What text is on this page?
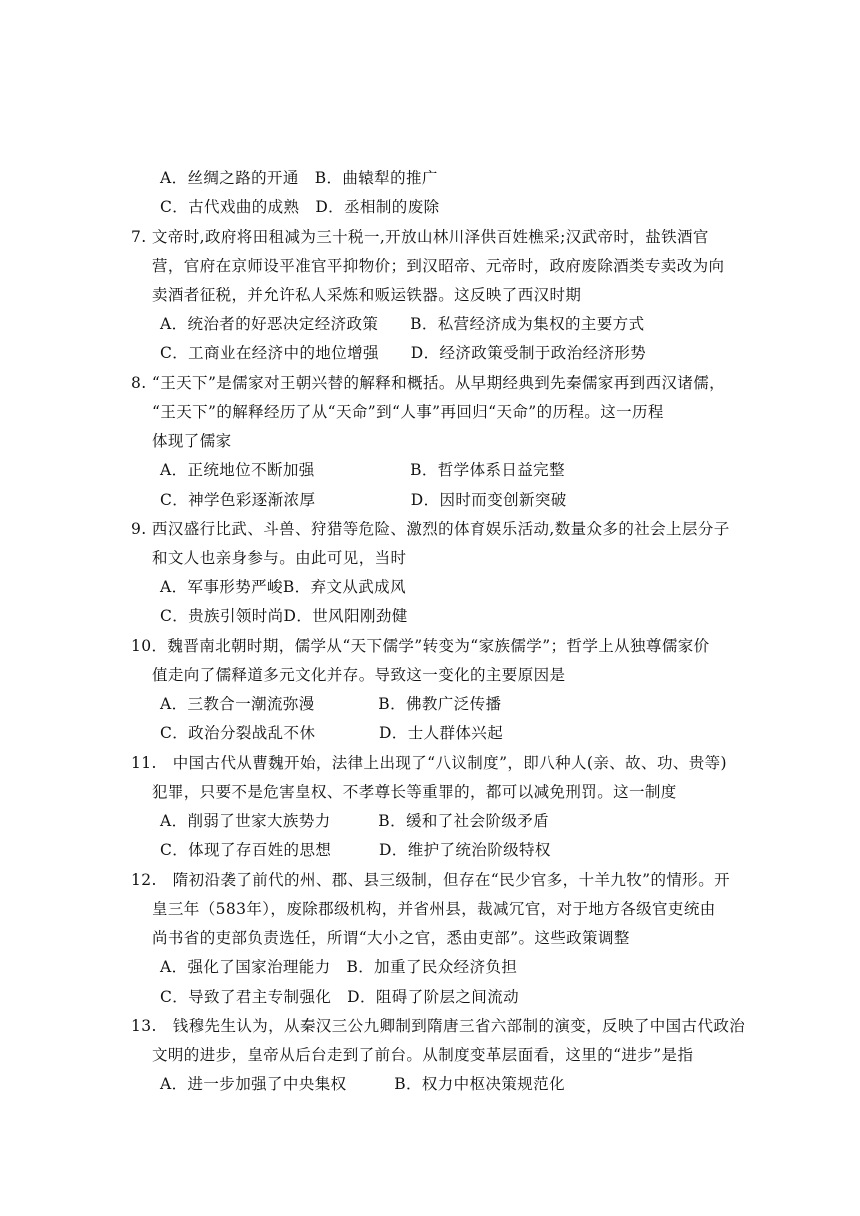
A．丝绸之路的开通　B．曲辕犁的推广
C．古代戏曲的成熟　D．丞相制的废除
7. 文帝时,政府将田租减为三十税一,开放山林川泽供百姓樵采;汉武帝时，盐铁酒官
营，官府在京师设平准官平抑物价；到汉昭帝、元帝时，政府废除酒类专卖改为向
卖酒者征税，并允许私人采炼和贩运铁器。这反映了西汉时期
A．统治者的好恶决定经济政策　　B．私营经济成为集权的主要方式
C．工商业在经济中的地位增强　　D．经济政策受制于政治经济形势
8. “王天下”是儒家对王朝兴替的解释和概括。从早期经典到先秦儒家再到西汉诸儒，
“王天下”的解释经历了从“天命”到“人事”再回归“天命”的历程。这一历程
体现了儒家
A．正统地位不断加强　　　　　　B．哲学体系日益完整
C．神学色彩逐渐浓厚　　　　　　D．因时而变创新突破
9. 西汉盛行比武、斗兽、狩猎等危险、激烈的体育娱乐活动,数量众多的社会上层分子
和文人也亲身参与。由此可见，当时
A．军事形势严峻B．弃文从武成风
C．贵族引领时尚D．世风阳刚劲健
10．魏晋南北朝时期，儒学从“天下儒学”转变为“家族儒学”；哲学上从独尊儒家价
值走向了儒释道多元文化并存。导致这一变化的主要原因是
A．三教合一潮流弥漫　　　　B．佛教广泛传播
C．政治分裂战乱不休　　　　D．士人群体兴起
11.　中国古代从曹魏开始，法律上出现了“八议制度”，即八种人(亲、故、功、贵等)
犯罪，只要不是危害皇权、不孝尊长等重罪的，都可以减免刑罚。这一制度
A．削弱了世家大族势力　　　B．缓和了社会阶级矛盾
C．体现了存百姓的思想　　　D．维护了统治阶级特权
12.　隋初沿袭了前代的州、郡、县三级制，但存在“民少官多，十羊九牧”的情形。开
皇三年（583年），废除郡级机构，并省州县，裁减冗官，对于地方各级官吏统由
尚书省的吏部负责选任，所谓“大小之官，悉由吏部”。这些政策调整
A．强化了国家治理能力　B．加重了民众经济负担
C．导致了君主专制强化　D．阻碍了阶层之间流动
13.　钱穆先生认为，从秦汉三公九卿制到隋唐三省六部制的演变，反映了中国古代政治
文明的进步，皇帝从后台走到了前台。从制度变革层面看，这里的“进步”是指
A．进一步加强了中央集权　　　B．权力中枢决策规范化
